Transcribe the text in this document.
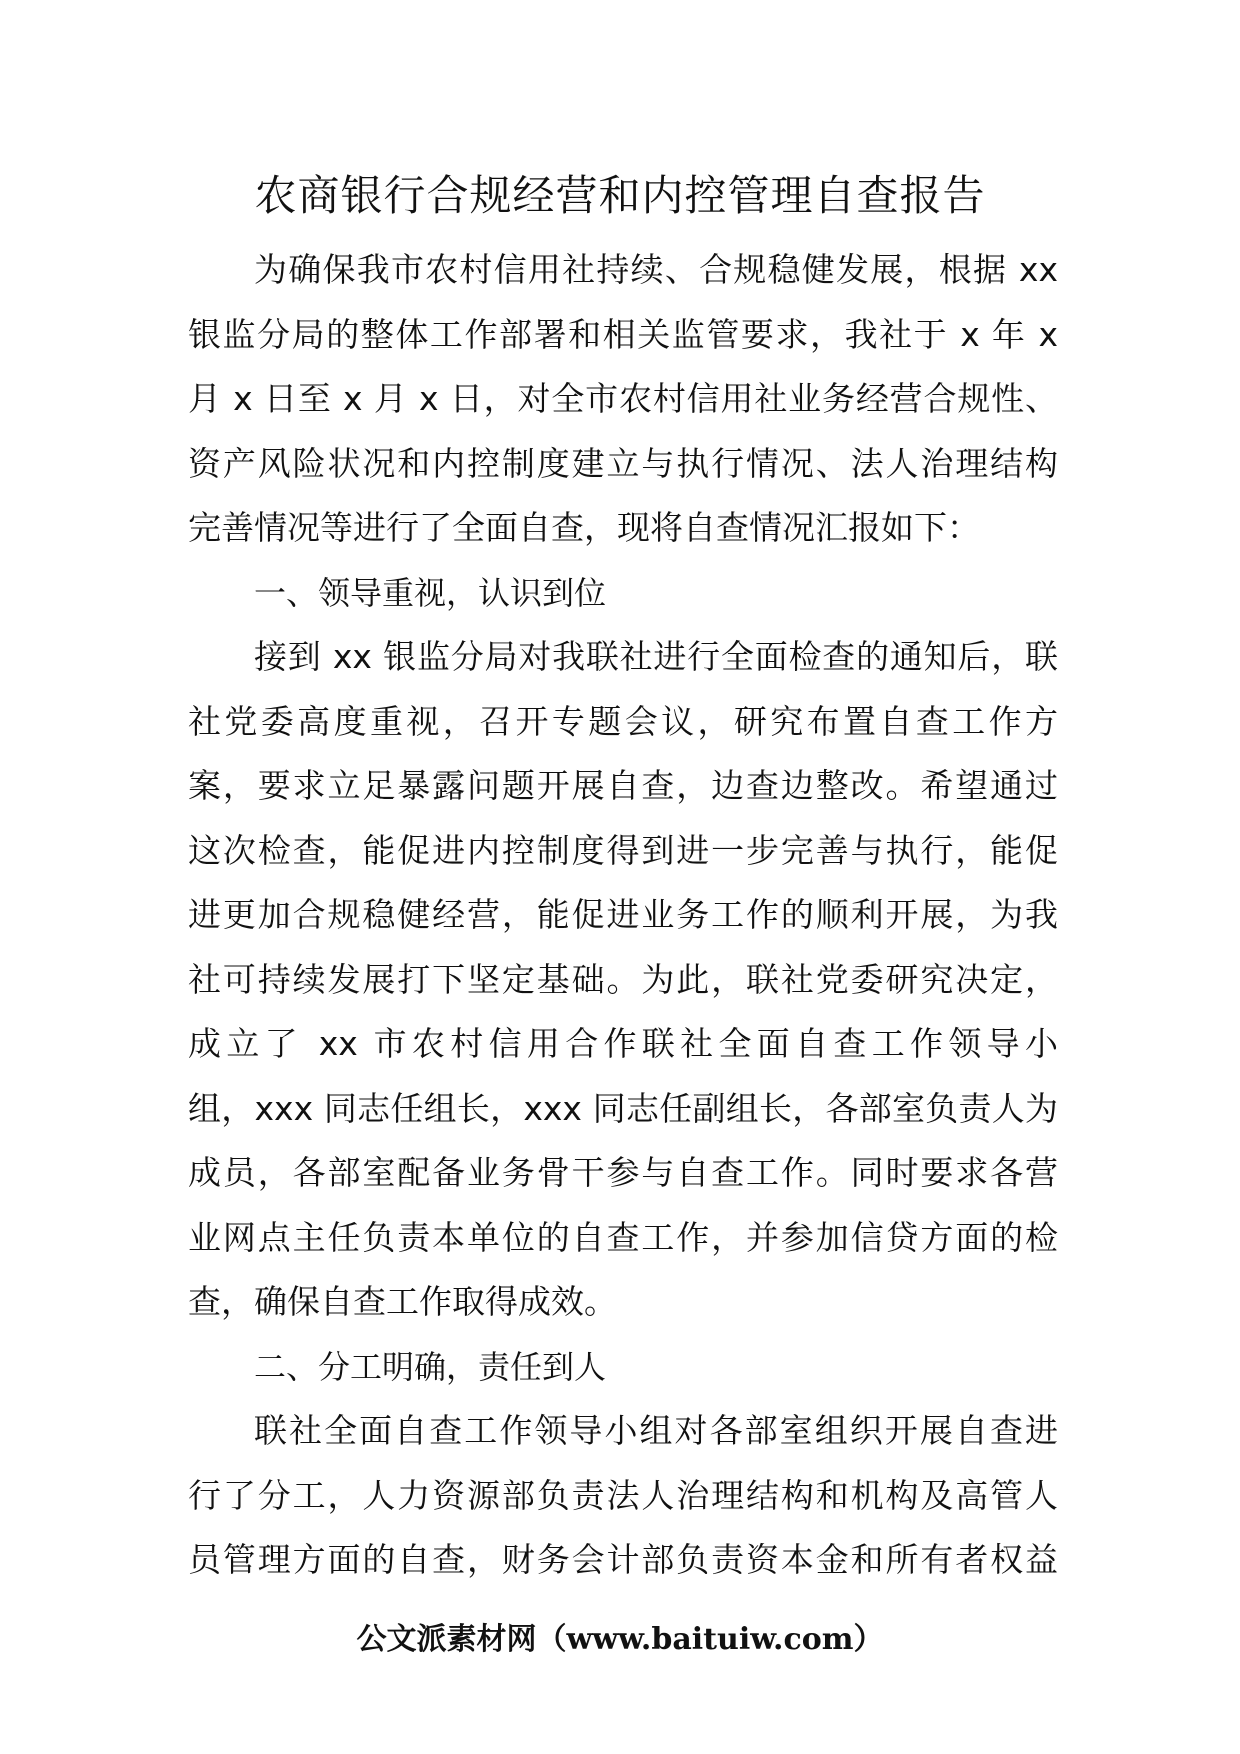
农商银行合规经营和内控管理自查报告
为确保我市农村信用社持续、合规稳健发展，根据 xx
银监分局的整体工作部署和相关监管要求，我社于 x 年 x
月 x 日至 x 月 x 日，对全市农村信用社业务经营合规性、
资产风险状况和内控制度建立与执行情况、法人治理结构
完善情况等进行了全面自查，现将自查情况汇报如下：
一、领导重视，认识到位
接到 xx 银监分局对我联社进行全面检查的通知后，联
社党委高度重视，召开专题会议，研究布置自查工作方
案，要求立足暴露问题开展自查，边查边整改。希望通过
这次检查，能促进内控制度得到进一步完善与执行，能促
进更加合规稳健经营，能促进业务工作的顺利开展，为我
社可持续发展打下坚定基础。为此，联社党委研究决定，
成立了 xx 市农村信用合作联社全面自查工作领导小
组，xxx 同志任组长，xxx 同志任副组长，各部室负责人为
成员，各部室配备业务骨干参与自查工作。同时要求各营
业网点主任负责本单位的自查工作，并参加信贷方面的检
查，确保自查工作取得成效。
二、分工明确，责任到人
联社全面自查工作领导小组对各部室组织开展自查进
行了分工，人力资源部负责法人治理结构和机构及高管人
员管理方面的自查，财务会计部负责资本金和所有者权益
公文派素材网（www.baituiw.com）
